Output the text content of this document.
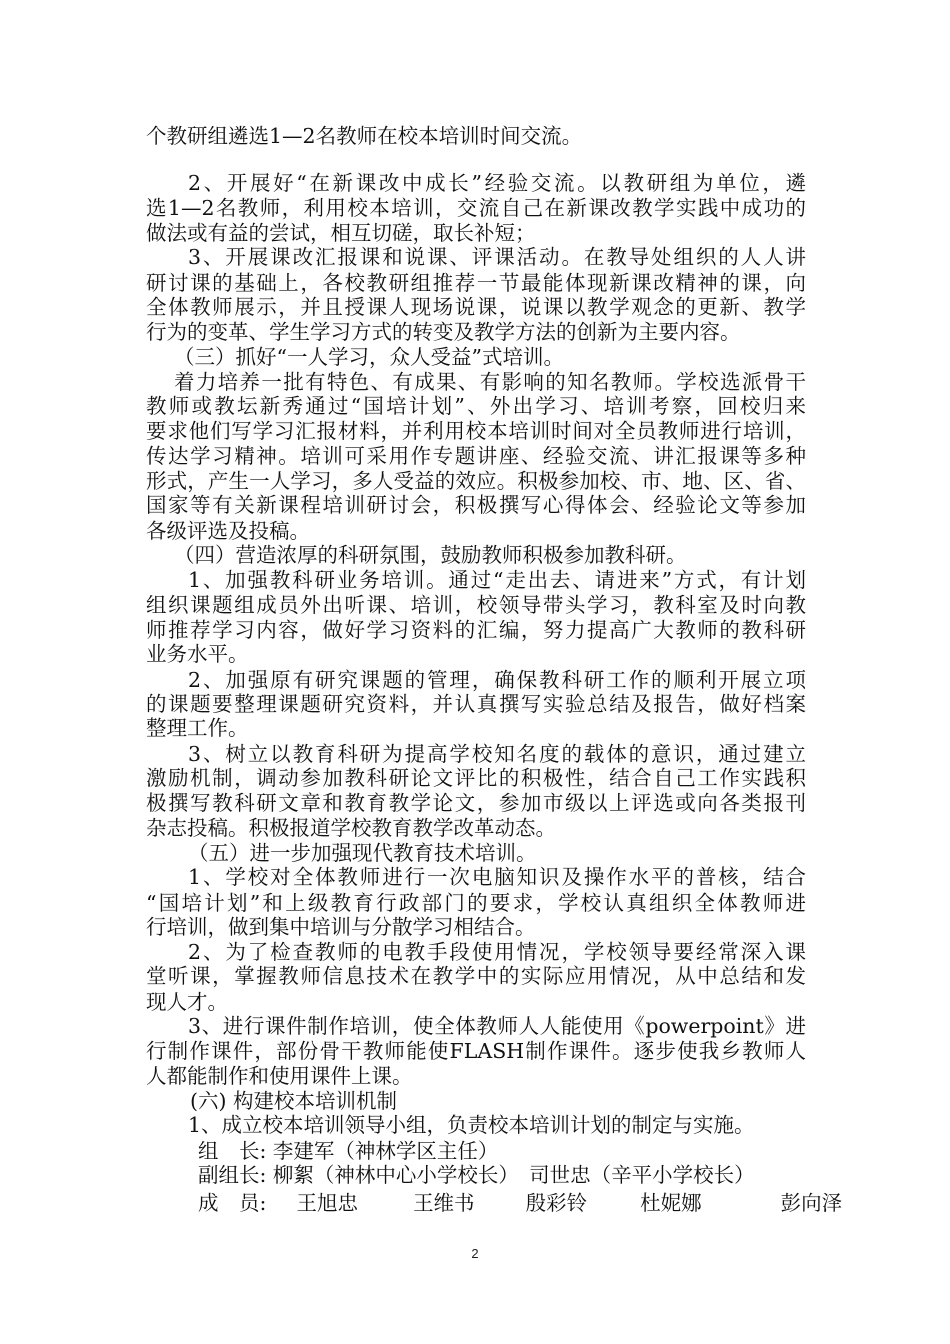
个教研组遴选1—2名教师在校本培训时间交流。
2、开展好“在新课改中成长”经验交流。以教研组为单位，遴
选1—2名教师，利用校本培训，交流自己在新课改教学实践中成功的
做法或有益的尝试，相互切磋，取长补短；
3、开展课改汇报课和说课、评课活动。在教导处组织的人人讲
研讨课的基础上，各校教研组推荐一节最能体现新课改精神的课，向
全体教师展示，并且授课人现场说课，说课以教学观念的更新、教学
行为的变革、学生学习方式的转变及教学方法的创新为主要内容。
（三）抓好“一人学习，众人受益”式培训。
着力培养一批有特色、有成果、有影响的知名教师。学校选派骨干
教师或教坛新秀通过“国培计划”、外出学习、培训考察，回校归来
要求他们写学习汇报材料，并利用校本培训时间对全员教师进行培训，
传达学习精神。培训可采用作专题讲座、经验交流、讲汇报课等多种
形式，产生一人学习，多人受益的效应。积极参加校、市、地、区、省、
国家等有关新课程培训研讨会，积极撰写心得体会、经验论文等参加
各级评选及投稿。
（四）营造浓厚的科研氛围，鼓励教师积极参加教科研。
1、加强教科研业务培训。通过“走出去、请进来”方式，有计划
组织课题组成员外出听课、培训，校领导带头学习，教科室及时向教
师推荐学习内容，做好学习资料的汇编，努力提高广大教师的教科研
业务水平。
2、加强原有研究课题的管理，确保教科研工作的顺利开展立项
的课题要整理课题研究资料，并认真撰写实验总结及报告，做好档案
整理工作。
3、树立以教育科研为提高学校知名度的载体的意识，通过建立
激励机制，调动参加教科研论文评比的积极性，结合自己工作实践积
极撰写教科研文章和教育教学论文，参加市级以上评选或向各类报刊
杂志投稿。积极报道学校教育教学改革动态。
（五）进一步加强现代教育技术培训。
1、学校对全体教师进行一次电脑知识及操作水平的普核，结合
“国培计划”和上级教育行政部门的要求，学校认真组织全体教师进
行培训，做到集中培训与分散学习相结合。
2、为了检查教师的电教手段使用情况，学校领导要经常深入课
堂听课，掌握教师信息技术在教学中的实际应用情况，从中总结和发
现人才。
3、进行课件制作培训，使全体教师人人能使用《powerpoint》进
行制作课件，部份骨干教师能使FLASH制作课件。逐步使我乡教师人
人都能制作和使用课件上课。
(六) 构建校本培训机制
1、成立校本培训领导小组，负责校本培训计划的制定与实施。
组　长: 李建军（神林学区主任）
副组长: 柳絮（神林中心小学校长）　司世忠（辛平小学校长）
成　员: 王旭忠	王维书 殷彩铃	杜妮娜	彭向泽
2
